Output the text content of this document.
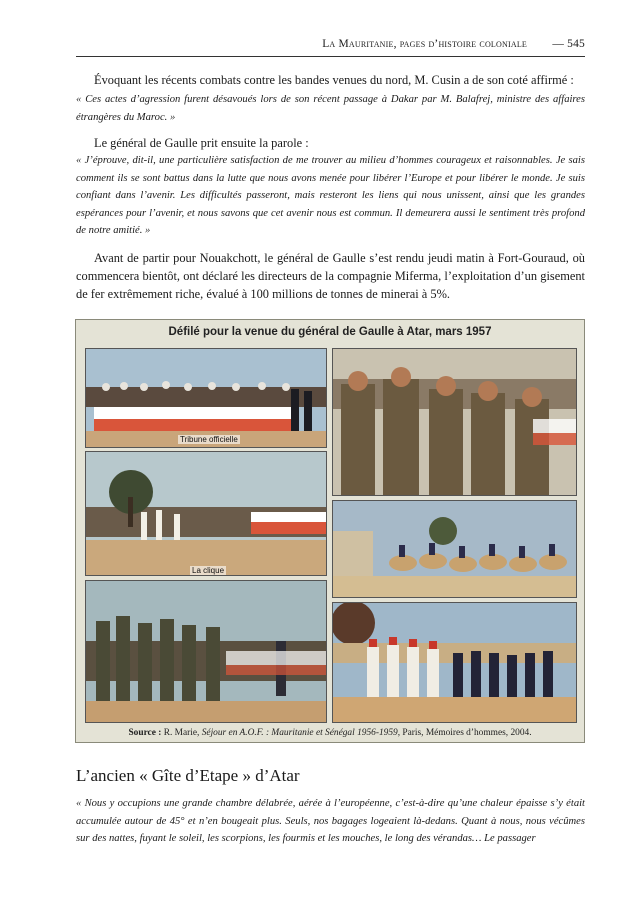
La Mauritanie, pages d’histoire coloniale — 545

Évoquant les récents combats contre les bandes venues du nord, M. Cusin a de son coté affirmé :

« Ces actes d’agression furent désavoués lors de son récent passage à Dakar par M. Balafrej, ministre des affaires étrangères du Maroc. »

Le général de Gaulle prit ensuite la parole :

« J’éprouve, dit-il, une particulière satisfaction de me trouver au milieu d’hommes courageux et raisonnables. Je sais comment ils se sont battus dans la lutte que nous avons menée pour libérer l’Europe et pour libérer le monde. Je suis confiant dans l’avenir. Les difficultés passeront, mais resteront les liens qui nous unissent, ainsi que les grandes espérances pour l’avenir, et nous savons que cet avenir nous est commun. Il demeurera aussi le sentiment très profond de notre amitié. »

Avant de partir pour Nouakchott, le général de Gaulle s’est rendu jeudi matin à Fort-Gouraud, où commencera bientôt, ont déclaré les directeurs de la compagnie Miferma, l’exploitation d’un gisement de fer extrêmement riche, évalué à 100 millions de tonnes de minerai à 5%.

Défilé pour la venue du général de Gaulle à Atar, mars 1957
Tribune officielle
La clique
Source : R. Marie, Séjour en A.O.F. : Mauritanie et Sénégal 1956-1959, Paris, Mémoires d’hommes, 2004.
L’ancien « Gîte d’Etape » d’Atar

« Nous y occupions une grande chambre délabrée, aérée à l’européenne, c’est-à-dire qu’une chaleur épaisse s’y était accumulée autour de 45° et n’en bougeait plus. Seuls, nos bagages logeaient là-dedans. Quant à nous, nous vécûmes sur des nattes, fuyant le soleil, les scorpions, les fourmis et les mouches, le long des vérandas… Le passager
